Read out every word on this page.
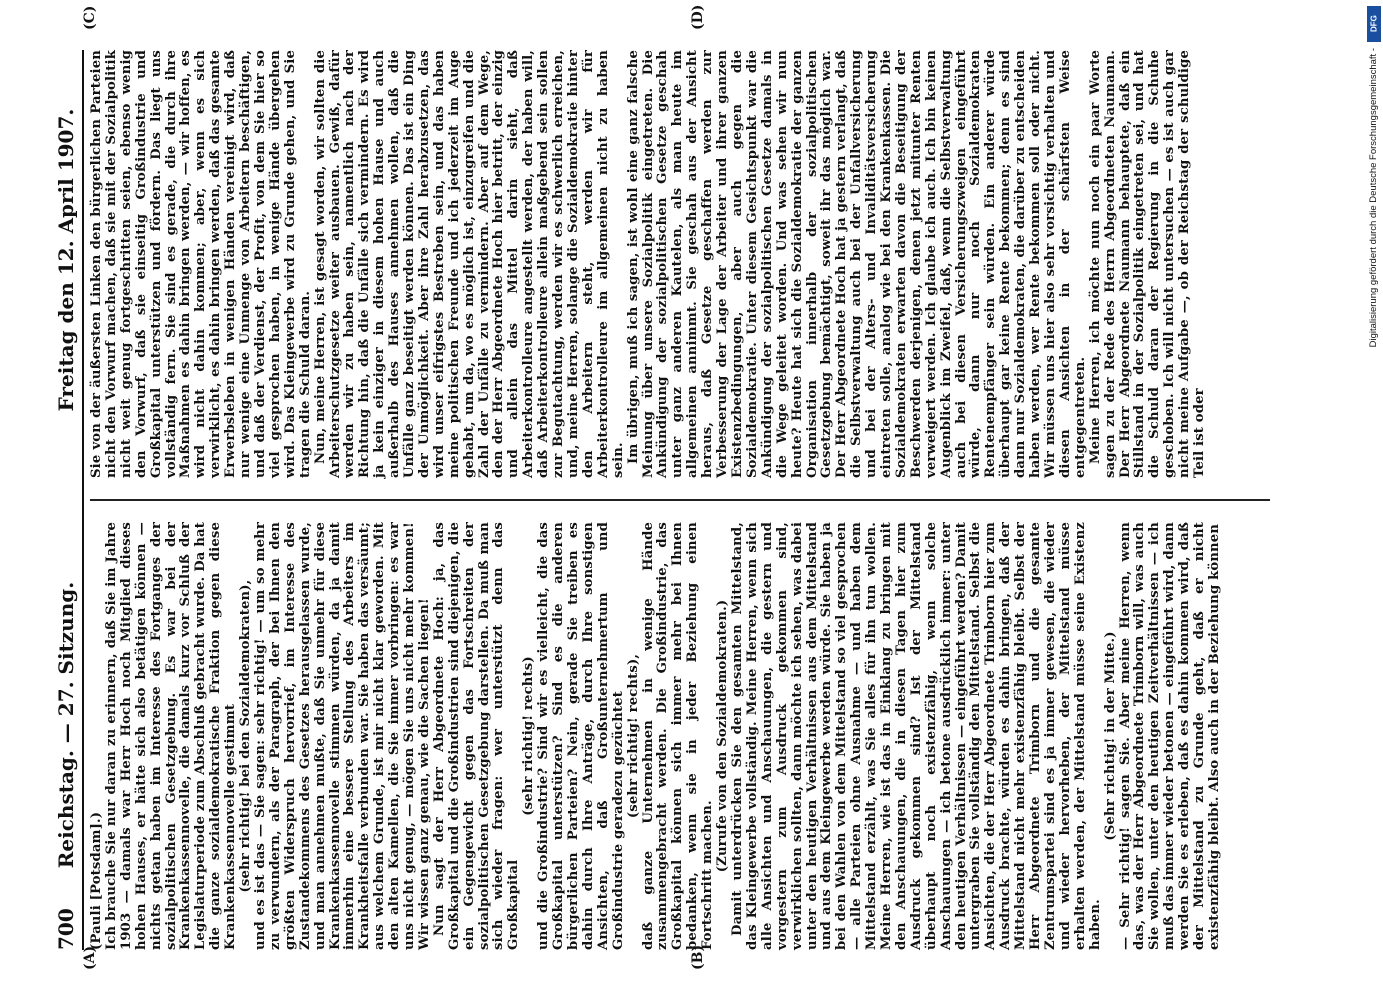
700
Reichstag. — 27. Sitzung.
Freitag den 12. April 1907.
(A)	(B)
(C)	(D)

(Pauli [Potsdam].) Ich brauche Sie nur daran zu erinnern, daß Sie im Jahre 1903 — damals war Herr Hoch noch Mitglied dieses hohen Hauses, er hätte sich also betätigen können — nichts getan haben im Interesse des Fortganges der sozialpolitischen Gesetzgebung. Es war bei der Krankenkassennovelle, die damals kurz vor Schluß der Legislaturperiode zum Abschluß gebracht wurde. Da hat die ganze sozialdemokratische Fraktion gegen diese Krankenkassennovelle gestimmt (sehr richtig! bei den Sozialdemokraten), und es ist das — Sie sagen: sehr richtig! — um so mehr zu verwundern, als der Paragraph, der bei Ihnen den größten Widerspruch hervorrief, im Interesse des Zustandekommens des Gesetzes herausgelassen wurde, und man annehmen mußte, daß Sie unmehr für diese Krankenkassennovelle stimmen würden, da ja damit immerhin eine bessere Stellung des Arbeiters im Krankheitsfalle verbunden war. Sie haben das versäumt; aus welchem Grunde, ist mir nicht klar geworden. Mit den alten Kamellen, die Sie immer vorbringen: es war uns nicht genug, — mögen Sie uns nicht mehr kommen! Wir wissen ganz genau, wie die Sachen liegen! Nun sagt der Herr Abgeordnete Hoch: ja, das Großkapital und die Großindustrien sind diejenigen, die ein Gegengewicht gegen das Fortschreiten der sozialpolitischen Gesetzgebung darstellen. Da muß man sich wieder fragen: wer unterstützt denn das Großkapital

(sehr richtig! rechts) und die Großindustrie? Sind wir es vielleicht, die das Großkapital unterstützen? Sind es die anderen bürgerlichen Parteien? Nein, gerade Sie treiben es dahin durch Ihre Anträge, durch Ihre sonstigen Ansichten, daß Großunternehmertum und Großindustrie geradezu gezüchtet (sehr richtig! rechts), daß ganze Unternehmen in wenige Hände zusammengebracht werden. Die Großindustrie, das Großkapital können sich immer mehr bei Ihnen bedanken, wenn sie in jeder Beziehung einen Fortschritt machen.

(Zurufe von den Sozialdemokraten.) Damit unterdrücken Sie den gesamten Mittelstand, das Kleingewerbe vollständig. Meine Herren, wenn sich alle Ansichten und Anschauungen, die gestern und vorgestern zum Ausdruck gekommen sind, verwirklichen sollten, dann möchte ich sehen, was dabei unter den heutigen Verhältnissen aus dem Mittelstand und aus dem Kleingewerbe werden würde. Sie haben ja bei den Wahlen von dem Mittelstand so viel gesprochen — alle Parteien ohne Ausnahme — und haben dem Mittelstand erzählt, was Sie alles für ihn tun wollen. Meine Herren, wie ist das in Einklang zu bringen mit den Anschauungen, die in diesen Tagen hier zum Ausdruck gekommen sind? Ist der Mittelstand überhaupt noch existenzfähig, wenn solche Anschauungen — ich betone ausdrücklich immer: unter den heutigen Verhältnissen — eingeführt werden? Damit untergraben Sie vollständig den Mittelstand. Selbst die Ansichten, die der Herr Abgeordnete Trimborn hier zum Ausdruck brachte, würden es dahin bringen, daß der Mittelstand nicht mehr existenzfähig bleibt. Selbst der Herr Abgeordnete Trimborn und die gesamte Zentrumspartei sind es ja immer gewesen, die wieder und wieder hervorheben, der Mittelstand müsse erhalten werden, der Mittelstand müsse seine Existenz haben.

(Sehr richtig! in der Mitte.) — Sehr richtig! sagen Sie. Aber meine Herren, wenn das, was der Herr Abgeordnete Trimborn will, was auch Sie wollen, unter den heutigen Zeitverhältnissen — ich muß das immer wieder betonen — eingeführt wird, dann werden Sie es erleben, daß es dahin kommen wird, daß der Mittelstand zu Grunde geht, daß er nicht existenzfähig bleibt. Also auch in der Beziehung können

Sie von der äußersten Linken den bürgerlichen Parteien nicht den Vorwurf machen, daß sie mit der Sozialpolitik nicht weit genug fortgeschritten seien, ebenso wenig den Vorwurf, daß sie einseitig Großindustrie und Großkapital unterstützen und fördern. Das liegt uns vollständig fern. Sie sind es gerade, die durch ihre Maßnahmen es dahin bringen werden, — wir hoffen, es wird nicht dahin kommen; aber, wenn es sich verwirklicht, es dahin bringen werden, daß das gesamte Erwerbsleben in wenigen Händen vereinigt wird, daß nur wenige eine Unmenge von Arbeitern beschäftigen, und daß der Verdienst, der Profit, von dem Sie hier so viel gesprochen haben, in wenige Hände übergehen wird. Das Kleingewerbe wird zu Grunde gehen, und Sie tragen die Schuld daran. Nun, meine Herren, ist gesagt worden, wir sollten die Arbeiterschutzgesetze weiter ausbauen. Gewiß, dafür werden wir zu haben sein, namentlich nach der Richtung hin, daß die Unfälle sich vermindern. Es wird ja kein einziger in diesem hohen Hause und auch außerhalb des Hauses annehmen wollen, daß die Unfälle ganz beseitigt werden können. Das ist ein Ding der Unmöglichkeit. Aber ihre Zahl herabzusetzen, das wird unser eifrigstes Bestreben sein, und das haben meine politischen Freunde und ich jederzeit im Auge gehabt, um da, wo es möglich ist, einzugreifen und die Zahl der Unfälle zu vermindern. Aber auf dem Wege, den der Herr Abgeordnete Hoch hier betritt, der einzig und allein das Mittel darin sieht, daß Arbeiterkontrolleure angestellt werden, der haben will, daß Arbeiterkontrolleure allein maßgebend sein sollen zur Begutachtung, werden wir es schwerlich erreichen, und, meine Herren, solange die Sozialdemokratie hinter den Arbeitern steht, werden wir für Arbeiterkontrolleure im allgemeinen nicht zu haben sein. Im übrigen, muß ich sagen, ist wohl eine ganz falsche Meinung über unsere Sozialpolitik eingetreten. Die Ankündigung der sozialpolitischen Gesetze geschah unter ganz anderen Kautelen, als man heute im allgemeinen annimmt. Sie geschah aus der Ansicht heraus, daß Gesetze geschaffen werden zur Verbesserung der Lage der Arbeiter und ihrer ganzen Existenzbedingungen, aber auch gegen die Sozialdemokratie. Unter diesem Gesichtspunkt war die Ankündigung der sozialpolitischen Gesetze damals in die Wege geleitet worden. Und was sehen wir nun heute? Heute hat sich die Sozialdemokratie der ganzen Organisation innerhalb der sozialpolitischen Gesetzgebung bemächtigt, soweit ihr das möglich war. Der Herr Abgeordnete Hoch hat ja gestern verlangt, daß die Selbstverwaltung auch bei der Unfallversicherung und bei der Alters- und Invaliditätsversicherung eintreten solle, analog wie bei den Krankenkassen. Die Sozialdemokraten erwarten davon die Beseitigung der Beschwerden derjenigen, denen jetzt mitunter Renten verweigert werden. Ich glaube ich auch. Ich bin keinen Augenblick im Zweifel, daß, wenn die Selbstverwaltung auch bei diesen Versicherungszweigen eingeführt würde, dann nur noch Sozialdemokraten Rentenempfänger sein würden. Ein anderer würde überhaupt gar keine Rente bekommen; denn es sind dann nur Sozialdemokraten, die darüber zu entscheiden haben werden, wer Rente bekommen soll oder nicht. Wir müssen uns hier also sehr vorsichtig verhalten und diesen Ansichten in der schärfsten Weise entgegentreten. Meine Herren, ich möchte nun noch ein paar Worte sagen zu der Rede des Herrn Abgeordneten Naumann. Der Herr Abgeordnete Naumann behauptete, daß ein Stillstand in der Sozialpolitik eingetreten sei, und hat die Schuld daran der Regierung in die Schuhe geschoben. Ich will nicht untersuchen — es ist auch gar nicht meine Aufgabe —, ob der Reichstag der schuldige Teil ist oder

DFG
Digitalisierung gefördert durch die Deutsche Forschungsgemeinschaft -
